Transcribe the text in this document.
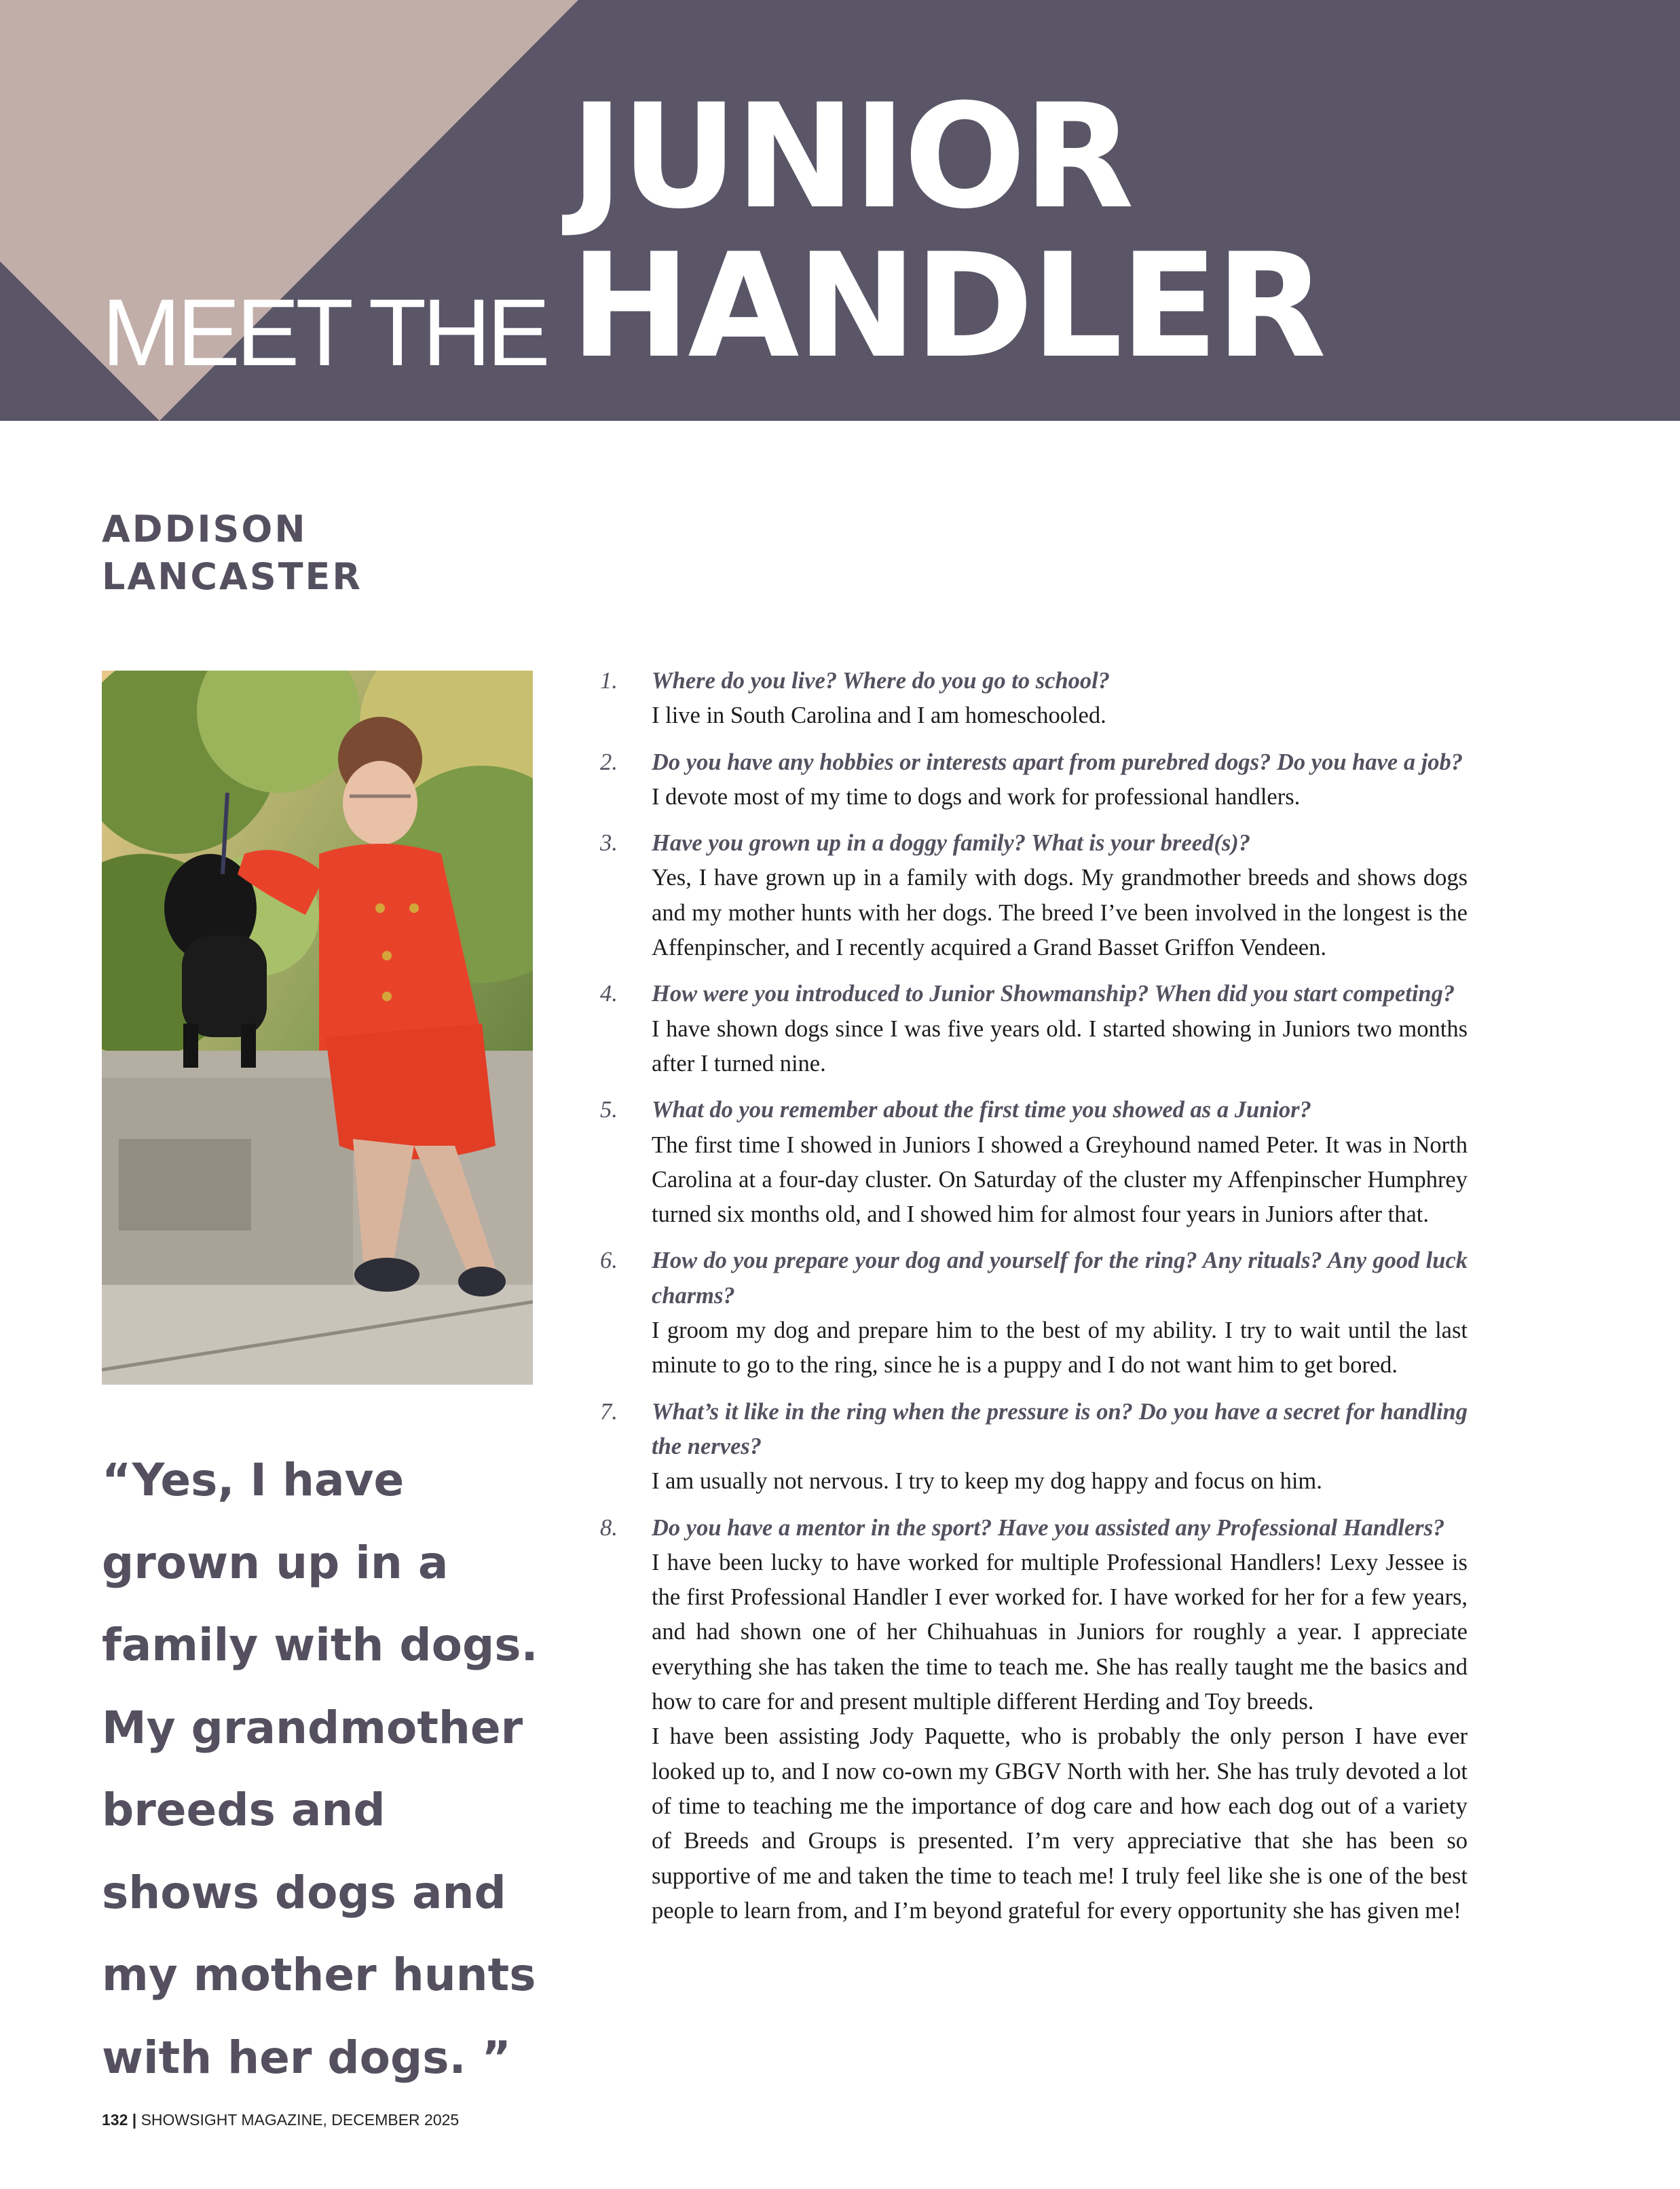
JUNIOR
HANDLER
MEET THE
ADDISON
LANCASTER
“Yes, I have
grown up in a
family with dogs.
My grandmother
breeds and
shows dogs and
my mother hunts
with her dogs. ”
1. Where do you live? Where do you go to school?
I live in South Carolina and I am homeschooled.
2. Do you have any hobbies or interests apart from purebred dogs? Do you have a job?
I devote most of my time to dogs and work for professional handlers.
3. Have you grown up in a doggy family? What is your breed(s)?
Yes, I have grown up in a family with dogs. My grandmother breeds and shows dogs and my mother hunts with her dogs. The breed I’ve been involved in the longest is the Affenpinscher, and I recently acquired a Grand Basset Griffon Vendeen.
4. How were you introduced to Junior Showmanship? When did you start competing?
I have shown dogs since I was five years old. I started showing in Juniors two months after I turned nine.
5. What do you remember about the first time you showed as a Junior?
The first time I showed in Juniors I showed a Greyhound named Peter. It was in North Carolina at a four-day cluster. On Saturday of the cluster my Affenpinscher Humphrey turned six months old, and I showed him for almost four years in Juniors after that.
6. How do you prepare your dog and yourself for the ring? Any rituals? Any good luck charms?
I groom my dog and prepare him to the best of my ability. I try to wait until the last minute to go to the ring, since he is a puppy and I do not want him to get bored.
7. What’s it like in the ring when the pressure is on? Do you have a secret for handling the nerves?
I am usually not nervous. I try to keep my dog happy and focus on him.
8. Do you have a mentor in the sport? Have you assisted any Professional Handlers?
I have been lucky to have worked for multiple Professional Handlers! Lexy Jessee is the first Professional Handler I ever worked for. I have worked for her for a few years, and had shown one of her Chihuahuas in Juniors for roughly a year. I appreciate everything she has taken the time to teach me. She has really taught me the basics and how to care for and present multiple different Herding and Toy breeds.
I have been assisting Jody Paquette, who is probably the only person I have ever looked up to, and I now co-own my GBGV North with her. She has truly devoted a lot of time to teaching me the importance of dog care and how each dog out of a variety of Breeds and Groups is presented. I’m very appreciative that she has been so supportive of me and taken the time to teach me! I truly feel like she is one of the best people to learn from, and I’m beyond grateful for every opportunity she has given me!
132 | SHOWSIGHT MAGAZINE, DECEMBER 2025
